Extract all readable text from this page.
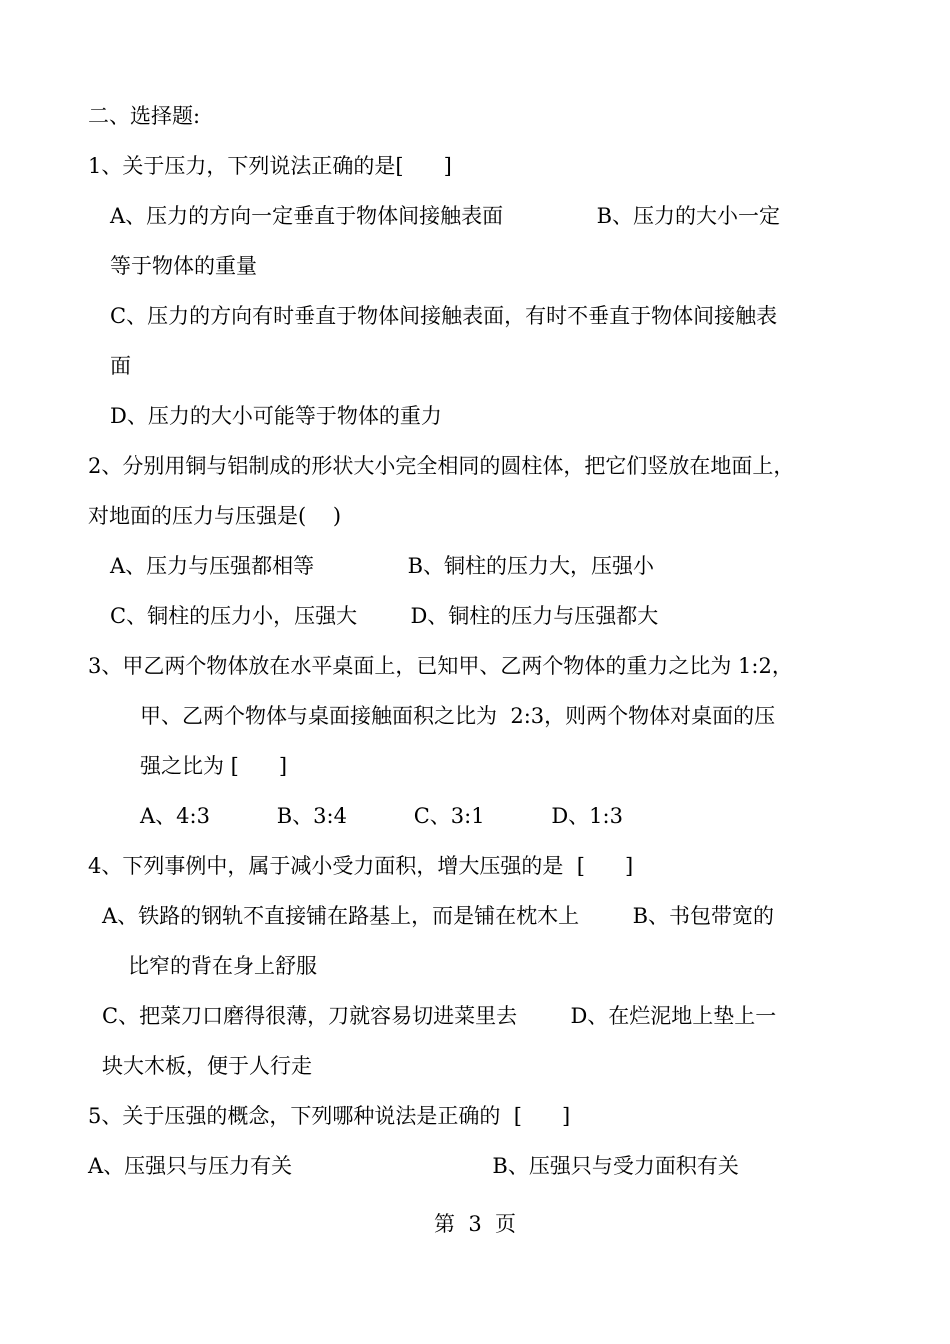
二、选择题:
1、关于压力，下列说法正确的是[      ]
A、压力的方向一定垂直于物体间接触表面              B、压力的大小一定
等于物体的重量
C、压力的方向有时垂直于物体间接触表面，有时不垂直于物体间接触表
面
D、压力的大小可能等于物体的重力
2、分别用铜与铝制成的形状大小完全相同的圆柱体，把它们竖放在地面上，
对地面的压力与压强是(    )
A、压力与压强都相等              B、铜柱的压力大，压强小
C、铜柱的压力小，压强大        D、铜柱的压力与压强都大
3、甲乙两个物体放在水平桌面上，已知甲、乙两个物体的重力之比为 1:2，
甲、乙两个物体与桌面接触面积之比为  2:3，则两个物体对桌面的压
强之比为 [      ]
A、4:3          B、3:4          C、3:1          D、1:3
4、下列事例中，属于减小受力面积，增大压强的是  [      ]
A、铁路的钢轨不直接铺在路基上，而是铺在枕木上        B、书包带宽的
比窄的背在身上舒服
C、把菜刀口磨得很薄，刀就容易切进菜里去        D、在烂泥地上垫上一
块大木板，便于人行走
5、关于压强的概念，下列哪种说法是正确的  [      ]
A、压强只与压力有关                              B、压强只与受力面积有关
第  3  页
